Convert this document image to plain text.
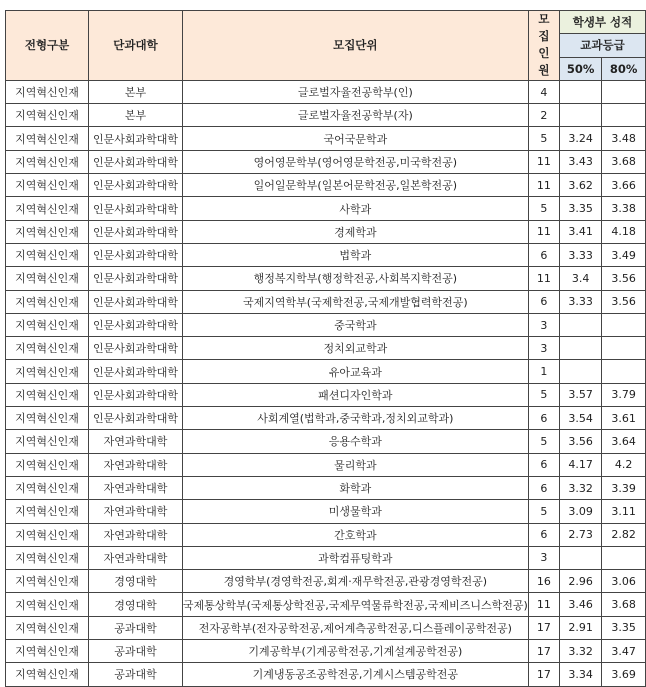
전형구분	단과대학	모집단위	모집 인원	학생부 성적	
				교과등급	
				50%	80%
지역혁신인재	본부	글로벌자율전공학부(인)	4		
지역혁신인재	본부	글로벌자율전공학부(자)	2		
지역혁신인재	인문사회과학대학	국어국문학과	5	3.24	3.48
지역혁신인재	인문사회과학대학	영어영문학부(영어영문학전공,미국학전공)	11	3.43	3.68
지역혁신인재	인문사회과학대학	일어일문학부(일본어문학전공,일본학전공)	11	3.62	3.66
지역혁신인재	인문사회과학대학	사학과	5	3.35	3.38
지역혁신인재	인문사회과학대학	경제학과	11	3.41	4.18
지역혁신인재	인문사회과학대학	법학과	6	3.33	3.49
지역혁신인재	인문사회과학대학	행정복지학부(행정학전공,사회복지학전공)	11	3.4	3.56
지역혁신인재	인문사회과학대학	국제지역학부(국제학전공,국제개발협력학전공)	6	3.33	3.56
지역혁신인재	인문사회과학대학	중국학과	3		
지역혁신인재	인문사회과학대학	정치외교학과	3		
지역혁신인재	인문사회과학대학	유아교육과	1		
지역혁신인재	인문사회과학대학	패션디자인학과	5	3.57	3.79
지역혁신인재	인문사회과학대학	사회계열(법학과,중국학과,정치외교학과)	6	3.54	3.61
지역혁신인재	자연과학대학	응용수학과	5	3.56	3.64
지역혁신인재	자연과학대학	물리학과	6	4.17	4.2
지역혁신인재	자연과학대학	화학과	6	3.32	3.39
지역혁신인재	자연과학대학	미생물학과	5	3.09	3.11
지역혁신인재	자연과학대학	간호학과	6	2.73	2.82
지역혁신인재	자연과학대학	과학컴퓨팅학과	3		
지역혁신인재	경영대학	경영학부(경영학전공,회계·재무학전공,관광경영학전공)	16	2.96	3.06
지역혁신인재	경영대학	국제통상학부(국제통상학전공,국제무역물류학전공,국제비즈니스학전공)	11	3.46	3.68
지역혁신인재	공과대학	전자공학부(전자공학전공,제어계측공학전공,디스플레이공학전공)	17	2.91	3.35
지역혁신인재	공과대학	기계공학부(기계공학전공,기계설계공학전공)	17	3.32	3.47
지역혁신인재	공과대학	기계냉동공조공학전공,기계시스템공학전공	17	3.34	3.69
